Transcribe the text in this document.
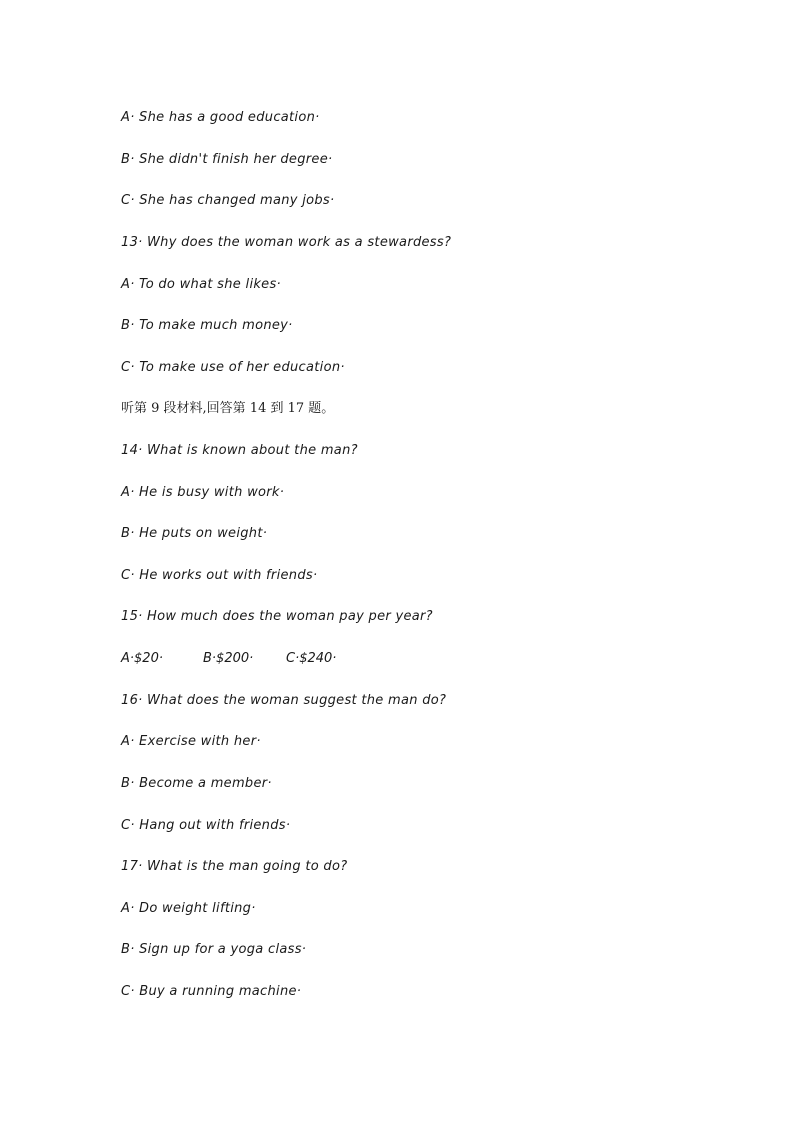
A· She has a good education·
B· She didn't finish her degree·
C· She has changed many jobs·
13· Why does the woman work as a stewardess?
A· To do what she likes·
B· To make much money·
C· To make use of her education·
听第 9 段材料,回答第 14 到 17 题。
14· What is known about the man?
A· He is busy with work·
B· He puts on weight·
C· He works out with friends·
15· How much does the woman pay per year?

A·$20·

	B·$200·

	C·$240·

16· What does the woman suggest the man do?
A· Exercise with her·
B· Become a member·
C· Hang out with friends·
17· What is the man going to do?
A· Do weight lifting·
B· Sign up for a yoga class·
C· Buy a running machine·
